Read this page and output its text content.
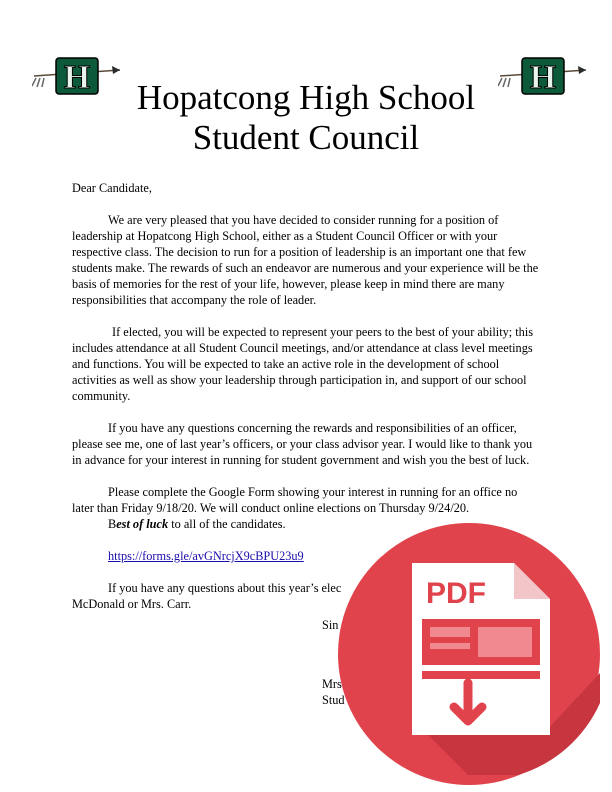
H	H
Hopatcong High School
Student Council

Dear Candidate,

We are very pleased that you have decided to consider running for a position of leadership at Hopatcong High School, either as a Student Council Officer or with your respective class. The decision to run for a position of leadership is an important one that few students make. The rewards of such an endeavor are numerous and your experience will be the basis of memories for the rest of your life, however, please keep in mind there are many responsibilities that accompany the role of leader.

If elected, you will be expected to represent your peers to the best of your ability; this includes attendance at all Student Council meetings, and/or attendance at class level meetings and functions. You will be expected to take an active role in the development of school activities as well as show your leadership through participation in, and support of our school community.

If you have any questions concerning the rewards and responsibilities of an officer, please see me, one of last year’s officers, or your class advisor year. I would like to thank you in advance for your interest in running for student government and wish you the best of luck.

Please complete the Google Form showing your interest in running for an office no later than Friday 9/18/20. We will conduct online elections on Thursday 9/24/20.

Best of luck to all of the candidates.

https://forms.gle/avGNrcjX9cBPU23u9

If you have any questions about this year’s elec

McDonald or Mrs. Carr.

Sin
Mrs
Stud
PDF
